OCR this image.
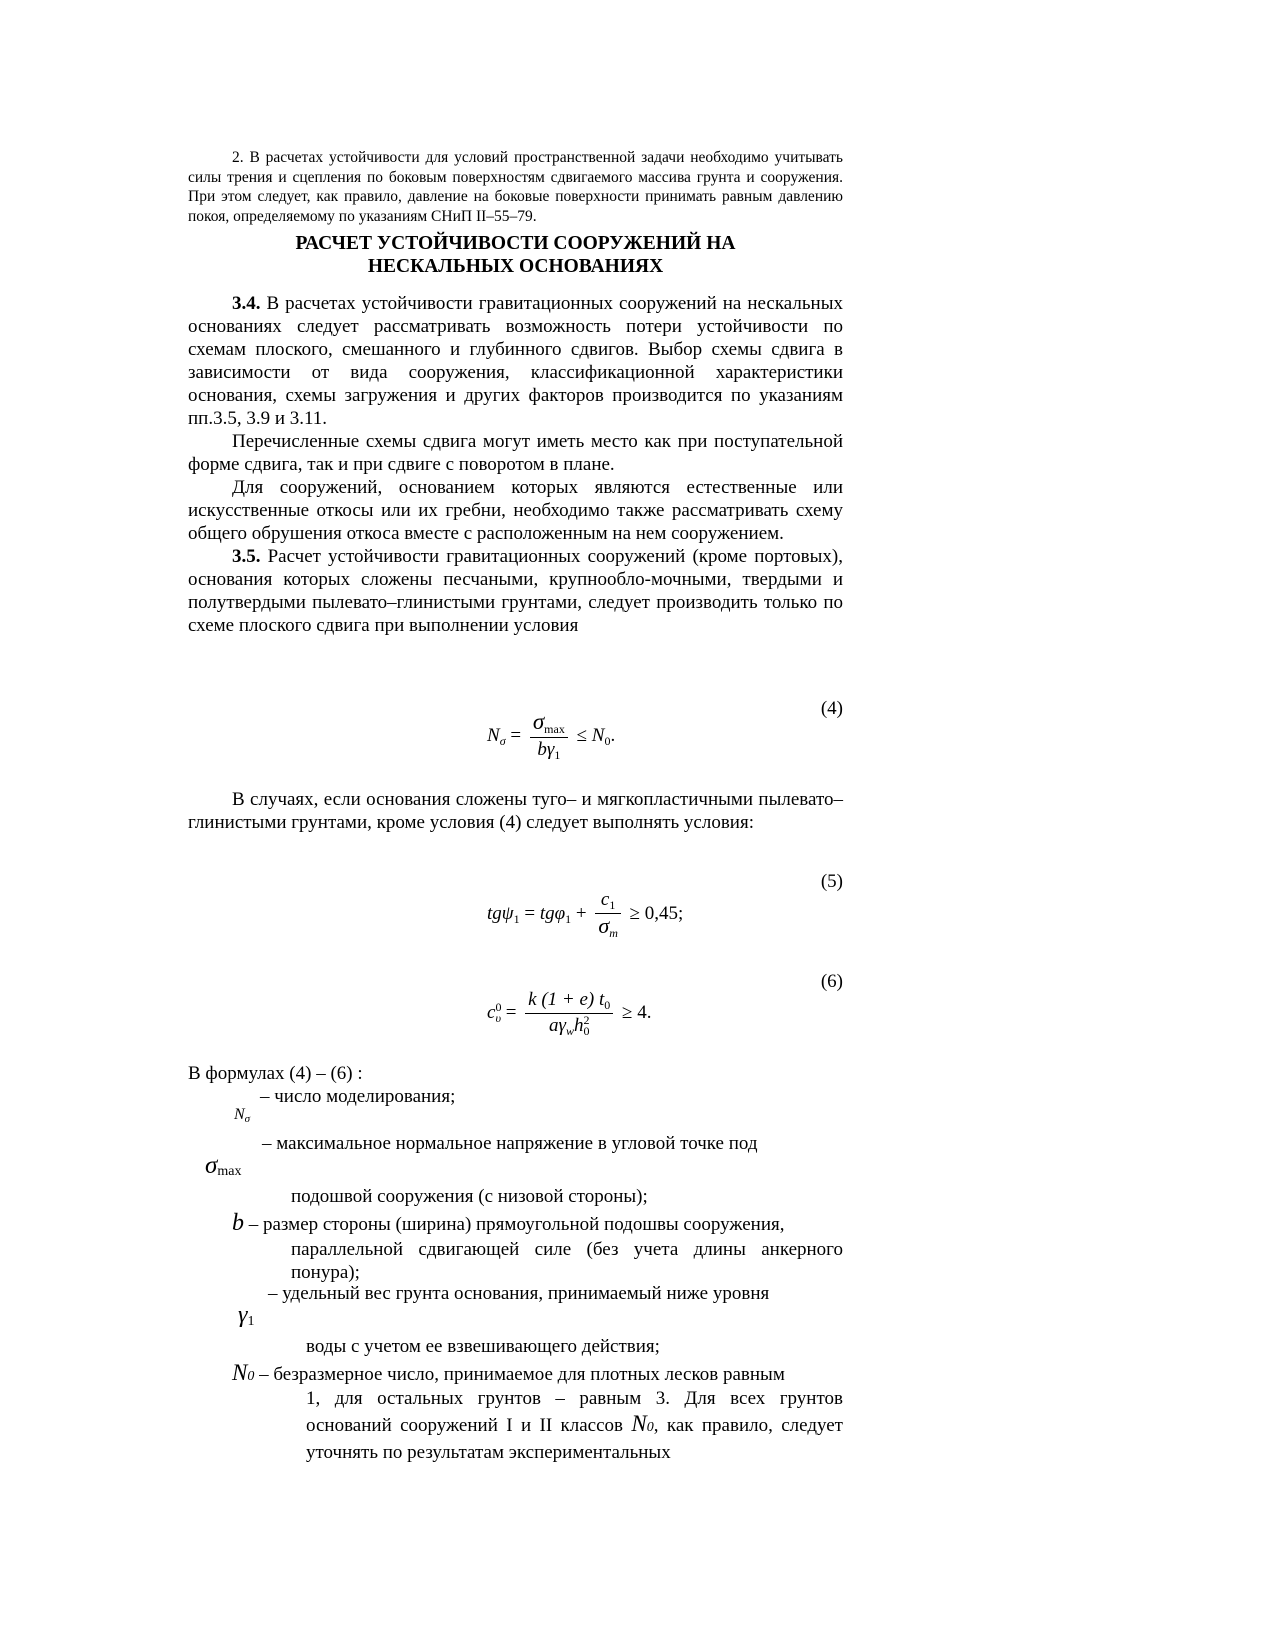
2. В расчетах устойчивости для условий пространственной задачи необходимо учитывать силы трения и сцепления по боковым поверхностям сдвигаемого массива грунта и сооружения. При этом следует, как правило, давление на боковые поверхности принимать равным давлению покоя, определяемому по указаниям СНиП II–55–79.

РАСЧЕТ УСТОЙЧИВОСТИ СООРУЖЕНИЙ НА
НЕСКАЛЬНЫХ ОСНОВАНИЯХ

3.4. В расчетах устойчивости гравитационных сооружений на нескальных основаниях следует рассматривать возможность потери устойчивости по схемам плоского, смешанного и глубинного сдвигов. Выбор схемы сдвига в зависимости от вида сооружения, классификационной характеристики основания, схемы загружения и других факторов производится по указаниям пп.3.5, 3.9 и 3.11.

Перечисленные схемы сдвига могут иметь место как при поступательной форме сдвига, так и при сдвиге с поворотом в плане.

Для сооружений, основанием которых являются естественные или искусственные откосы или их гребни, необходимо также рассматривать схему общего обрушения откоса вместе с расположенным на нем сооружением.

3.5. Расчет устойчивости гравитационных сооружений (кроме портовых), основания которых сложены песчаными, крупнообло-мочными, твердыми и полутвердыми пылевато–глинистыми грунтами, следует производить только по схеме плоского сдвига при выполнении условия

(4)
$N_\sigma = \frac{\sigma_{max}}{b\gamma_1} \le N_0$.

В случаях, если основания сложены туго– и мягкопластичными пылевато–глинистыми грунтами, кроме условия (4) следует выполнять условия:

(5)
$tg\psi_1 = tg\varphi_1 + \frac{c_1}{\sigma_m} \ge 0,45$;
(6)
$c^0_\upsilon = \frac{k (1 + e) t_0}{a\gamma_wh^2_0} \ge 4$.
В формулах (4) – (6) :
– число моделирования;
Nσ
– максимальное нормальное напряжение в угловой точке под
σmax
подошвой сооружения (с низовой стороны);
b – размер стороны (ширина) прямоугольной подошвы сооружения,
параллельной сдвигающей силе (без учета длины анкерного понура);
– удельный вес грунта основания, принимаемый ниже уровня
γ1
воды с учетом ее взвешивающего действия;
N0 – безразмерное число, принимаемое для плотных лесков равным
1, для остальных грунтов – равным 3. Для всех грунтов оснований сооружений I и II классов N0, как правило, следует уточнять по результатам экспериментальных
